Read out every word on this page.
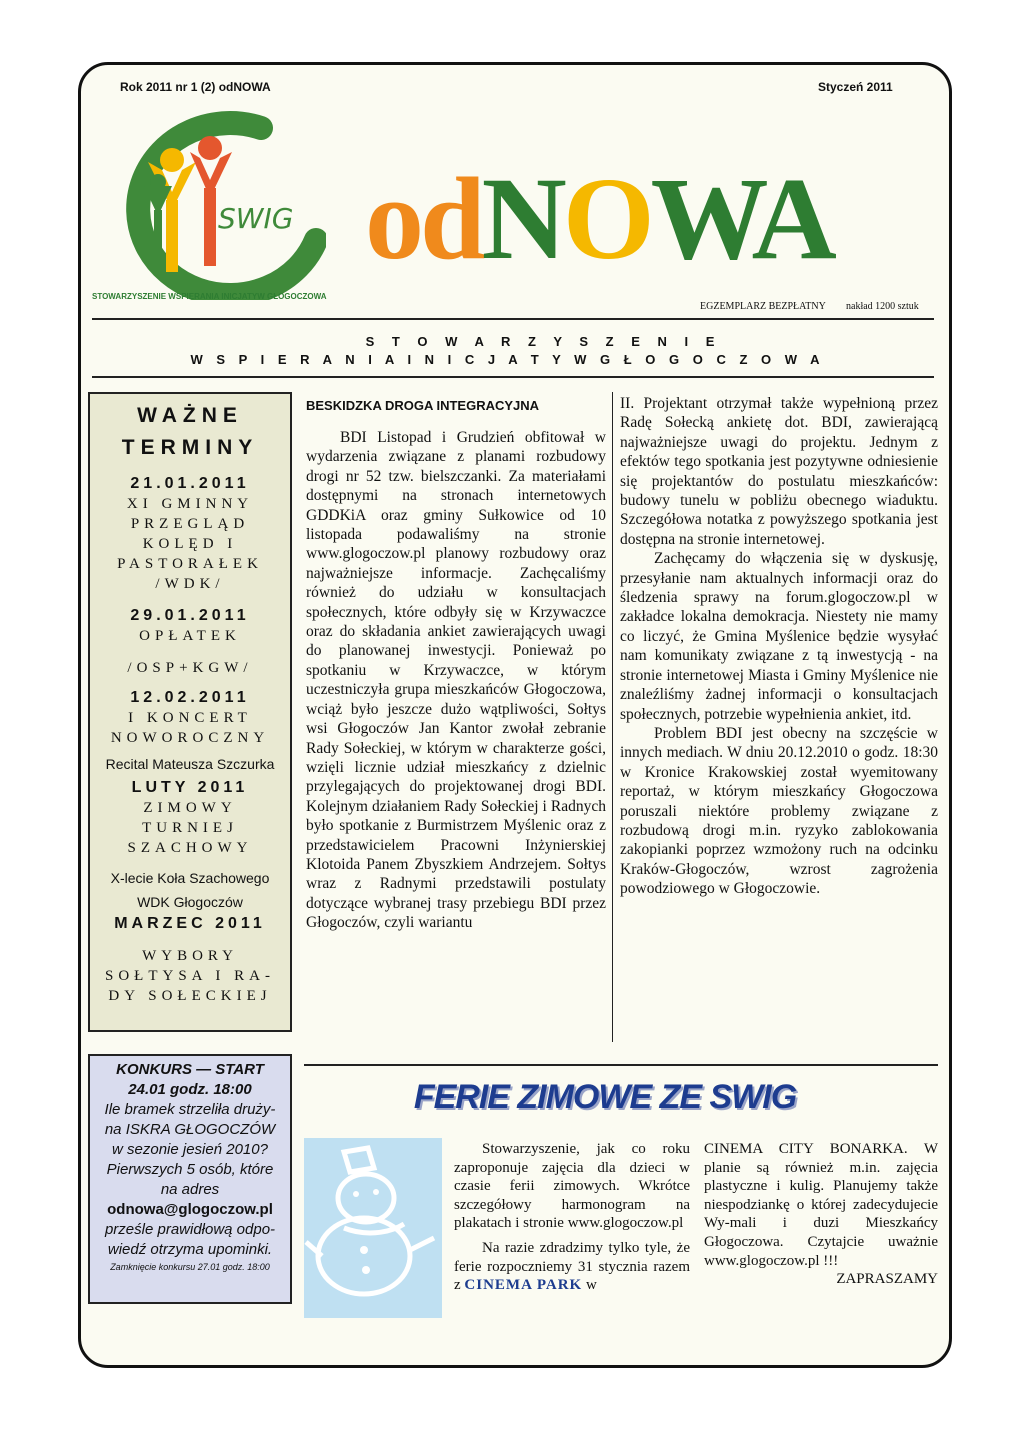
Rok 2011 nr 1 (2) odNOWA	Styczeń 2011
SWIG
STOWARZYSZENIE WSPIERANIA INICJATYW GŁOGOCZOWA
odNOWA
EGZEMPLARZ BEZPŁATNY nakład 1200 sztuk
S T O W A R Z Y S Z E N I E
W S P I E R A N I A I N I C J A T Y W G Ł O G O C Z O W A
WAŻNE
TERMINY
21.01.2011
XI GMINNY
PRZEGLĄD
KOLĘD I
PASTORAŁEK
/WDK/
29.01.2011
OPŁATEK
/OSP+KGW/
12.02.2011
I KONCERT
NOWOROCZNY
Recital Mateusza Szczurka
LUTY 2011
ZIMOWY
TURNIEJ
SZACHOWY
X-lecie Koła Szachowego
WDK Głogoczów
MARZEC 2011
WYBORY
SOŁTYSA I RA-
DY SOŁECKIEJ
KONKURS — START
24.01 godz. 18:00
Ile bramek strzeliła druży-
na ISKRA GŁOGOCZÓW
w sezonie jesień 2010?
Pierwszych 5 osób, które
na adres
odnowa@glogoczow.pl
prześle prawidłową odpo-
wiedź otrzyma upominki.
Zamknięcie konkursu 27.01 godz. 18:00
BESKIDZKA DROGA INTEGRACYJNA

BDI Listopad i Grudzień obfitował w wydarzenia związane z planami rozbudowy drogi nr 52 tzw. bielszczanki. Za materiałami dostępnymi na stronach internetowych GDDKiA oraz gminy Sułkowice od 10 listopada podawaliśmy na stronie www.glogoczow.pl planowy rozbudowy oraz najważniejsze informacje. Zachęcaliśmy również do udziału w konsultacjach społecznych, które odbyły się w Krzywaczce oraz do składania ankiet zawierających uwagi do planowanej inwestycji. Ponieważ po spotkaniu w Krzywaczce, w którym uczestniczyła grupa mieszkańców Głogoczowa, wciąż było jeszcze dużo wątpliwości, Sołtys wsi Głogoczów Jan Kantor zwołał zebranie Rady Sołeckiej, w którym w charakterze gości, wzięli licznie udział mieszkańcy z dzielnic przylegających do projektowanej drogi BDI. Kolejnym działaniem Rady Sołeckiej i Radnych było spotkanie z Burmistrzem Myślenic oraz z przedstawicielem Pracowni Inżynierskiej Klotoida Panem Zbyszkiem Andrzejem. Sołtys wraz z Radnymi przedstawili postulaty dotyczące wybranej trasy przebiegu BDI przez Głogoczów, czyli wariantu

II. Projektant otrzymał także wypełnioną przez Radę Sołecką ankietę dot. BDI, zawierającą najważniejsze uwagi do projektu. Jednym z efektów tego spotkania jest pozytywne odniesienie się projektantów do postulatu mieszkańców: budowy tunelu w pobliżu obecnego wiaduktu. Szczegółowa notatka z powyższego spotkania jest dostępna na stronie internetowej.

Zachęcamy do włączenia się w dyskusję, przesyłanie nam aktualnych informacji oraz do śledzenia sprawy na forum.glogoczow.pl w zakładce lokalna demokracja. Niestety nie mamy co liczyć, że Gmina Myślenice będzie wysyłać nam komunikaty związane z tą inwestycją - na stronie internetowej Miasta i Gminy Myślenice nie znaleźliśmy żadnej informacji o konsultacjach społecznych, potrzebie wypełnienia ankiet, itd.

Problem BDI jest obecny na szczęście w innych mediach. W dniu 20.12.2010 o godz. 18:30 w Kronice Krakowskiej został wyemitowany reportaż, w którym mieszkańcy Głogoczowa poruszali niektóre problemy związane z rozbudową drogi m.in. ryzyko zablokowania zakopianki poprzez wzmożony ruch na odcinku Kraków-Głogoczów, wzrost zagrożenia powodziowego w Głogoczowie.

FERIE ZIMOWE ZE SWIG

Stowarzyszenie, jak co roku zaproponuje zajęcia dla dzieci w czasie ferii zimowych. Wkrótce szczegółowy harmonogram na plakatach i stronie www.glogoczow.pl

Na razie zdradzimy tylko tyle, że ferie rozpoczniemy 31 stycznia razem z CINEMA PARK w

CINEMA CITY BONARKA. W planie są również m.in. zajęcia plastyczne i kulig. Planujemy także niespodziankę o której zadecydujecie Wy-mali i duzi Mieszkańcy Głogoczowa. Czytajcie uważnie www.glogoczow.pl !!!

ZAPRASZAMY
